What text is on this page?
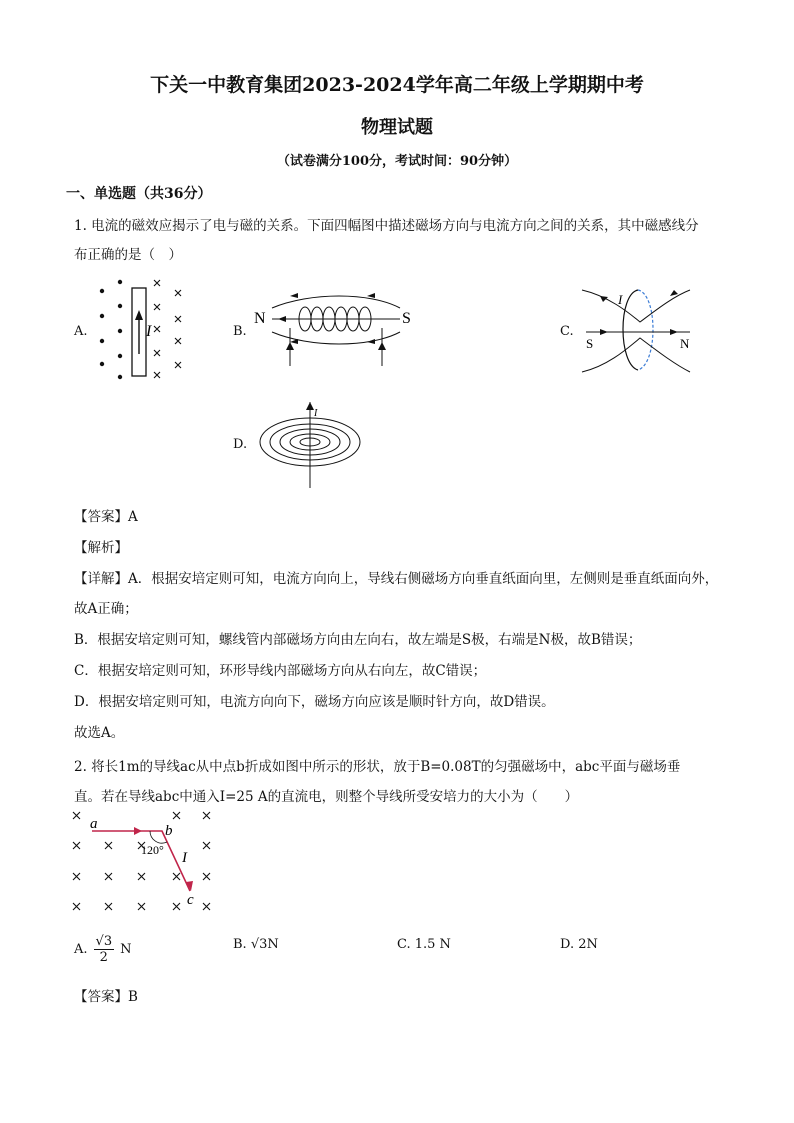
下关一中教育集团2023-2024学年高二年级上学期期中考
物理试题
（试卷满分100分，考试时间：90分钟）
一、单选题（共36分）
1. 电流的磁效应揭示了电与磁的关系。下面四幅图中描述磁场方向与电流方向之间的关系，其中磁感线分
布正确的是（　）
A.	I	B.
N	S
C.
I
S	N
D.
I
【答案】A
【解析】
【详解】A．根据安培定则可知，电流方向向上，导线右侧磁场方向垂直纸面向里，左侧则是垂直纸面向外，
故A正确；
B．根据安培定则可知，螺线管内部磁场方向由左向右，故左端是S极，右端是N极，故B错误；
C．根据安培定则可知，环形导线内部磁场方向从右向左，故C错误；
D．根据安培定则可知，电流方向向下，磁场方向应该是顺时针方向，故D错误。
故选A。
2. 将长1m的导线ac从中点b折成如图中所示的形状，放于B=0.08T的匀强磁场中，abc平面与磁场垂
直。若在导线abc中通入I=25 A的直流电，则整个导线所受安培力的大小为（　　）
a	b
I
c
120°
A. $\frac{√3}{2}$ N	B. √3N	C. 1.5 N	D. 2N
【答案】B
